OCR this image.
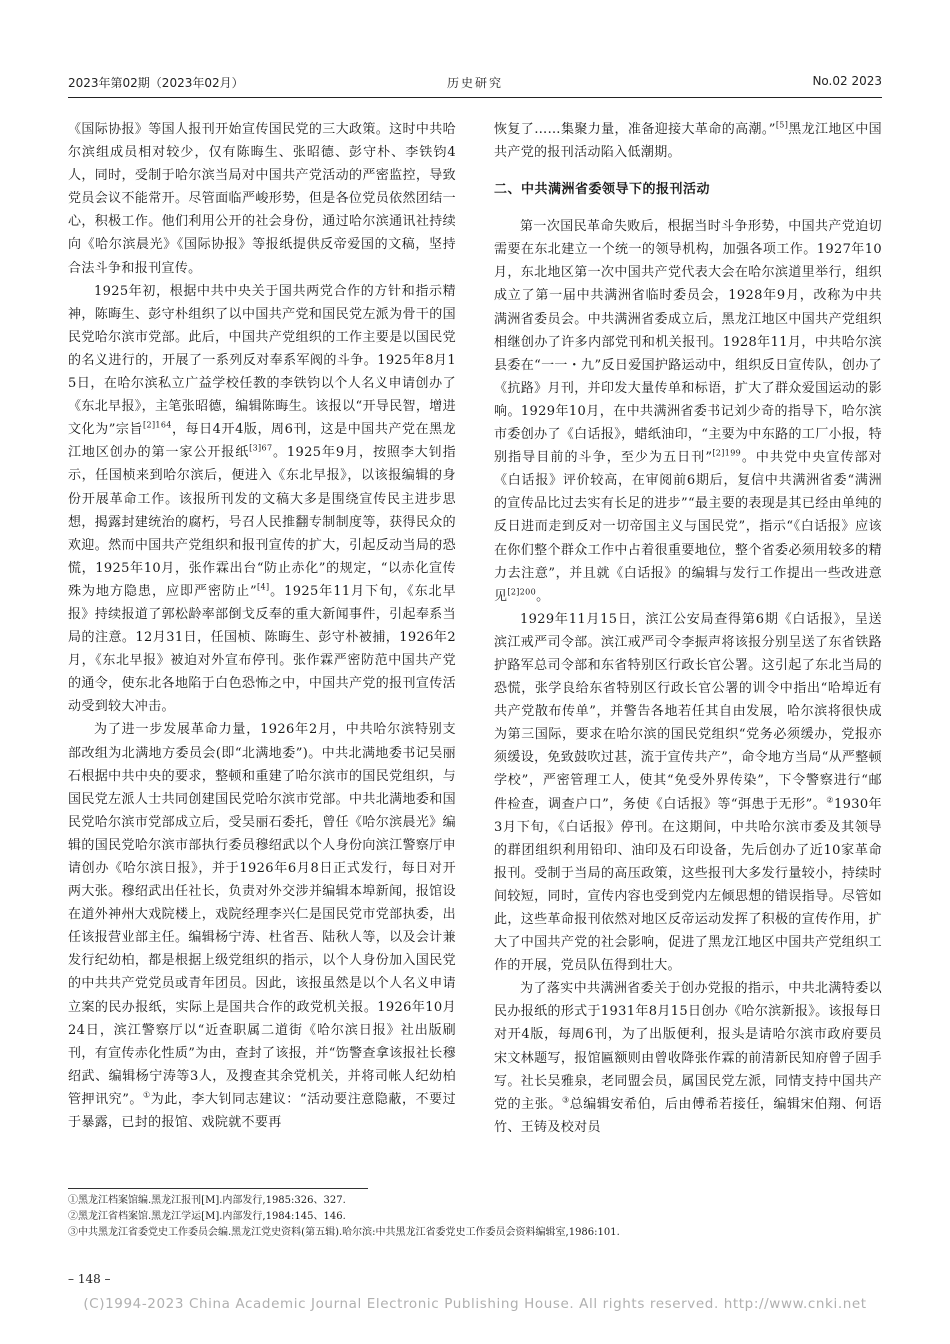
2023年第02期（2023年02月）	历史研究	No.02 2023

《国际协报》等国人报刊开始宣传国民党的三大政策。这时中共哈尔滨组成员相对较少，仅有陈晦生、张昭德、彭守朴、李铁钧4人，同时，受制于哈尔滨当局对中国共产党活动的严密监控，导致党员会议不能常开。尽管面临严峻形势，但是各位党员依然团结一心，积极工作。他们利用公开的社会身份，通过哈尔滨通讯社持续向《哈尔滨晨光》《国际协报》等报纸提供反帝爱国的文稿，坚持合法斗争和报刊宣传。

1925年初，根据中共中央关于国共两党合作的方针和指示精神，陈晦生、彭守朴组织了以中国共产党和国民党左派为骨干的国民党哈尔滨市党部。此后，中国共产党组织的工作主要是以国民党的名义进行的，开展了一系列反对奉系军阀的斗争。1925年8月15日，在哈尔滨私立广益学校任教的李铁钧以个人名义申请创办了《东北早报》，主笔张昭德，编辑陈晦生。该报以“开导民智，增进文化为”宗旨$^{[2]164}$，每日4开4版，周6刊，这是中国共产党在黑龙江地区创办的第一家公开报纸$^{[3]67}$。1925年9月，按照李大钊指示，任国桢来到哈尔滨后，便进入《东北早报》，以该报编辑的身份开展革命工作。该报所刊发的文稿大多是围绕宣传民主进步思想，揭露封建统治的腐朽，号召人民推翻专制制度等，获得民众的欢迎。然而中国共产党组织和报刊宣传的扩大，引起反动当局的恐慌，1925年10月，张作霖出台“防止赤化”的规定，“以赤化宣传殊为地方隐患，应即严密防止”[4]。1925年11月下旬，《东北早报》持续报道了郭松龄率部倒戈反奉的重大新闻事件，引起奉系当局的注意。12月31日，任国桢、陈晦生、彭守朴被捕，1926年2月，《东北早报》被迫对外宣布停刊。张作霖严密防范中国共产党的通令，使东北各地陷于白色恐怖之中，中国共产党的报刊宣传活动受到较大冲击。

为了进一步发展革命力量，1926年2月，中共哈尔滨特别支部改组为北满地方委员会(即“北满地委”)。中共北满地委书记吴丽石根据中共中央的要求，整顿和重建了哈尔滨市的国民党组织，与国民党左派人士共同创建国民党哈尔滨市党部。中共北满地委和国民党哈尔滨市党部成立后，受吴丽石委托，曾任《哈尔滨晨光》编辑的国民党哈尔滨市部执行委员穆绍武以个人身份向滨江警察厅申请创办《哈尔滨日报》，并于1926年6月8日正式发行，每日对开两大张。穆绍武出任社长，负责对外交涉并编辑本埠新闻，报馆设在道外神州大戏院楼上，戏院经理李兴仁是国民党市党部执委，出任该报营业部主任。编辑杨宁涛、杜省吾、陆秋人等，以及会计兼发行纪幼柏，都是根据上级党组织的指示，以个人身份加入国民党的中共共产党党员或青年团员。因此，该报虽然是以个人名义申请立案的民办报纸，实际上是国共合作的政党机关报。1926年10月24日，滨江警察厅以“近查职属二道街《哈尔滨日报》社出版刷刊，有宣传赤化性质”为由，查封了该报，并“饬警查拿该报社长穆绍武、编辑杨宁涛等3人，及搜查其余党机关，并将司帐人纪幼柏管押讯究”。①为此，李大钊同志建议：“活动要注意隐蔽，不要过于暴露，已封的报馆、戏院就不要再

恢复了……集聚力量，准备迎接大革命的高潮。”[5]黑龙江地区中国共产党的报刊活动陷入低潮期。

二、中共满洲省委领导下的报刊活动

第一次国民革命失败后，根据当时斗争形势，中国共产党迫切需要在东北建立一个统一的领导机构，加强各项工作。1927年10月，东北地区第一次中国共产党代表大会在哈尔滨道里举行，组织成立了第一届中共满洲省临时委员会，1928年9月，改称为中共满洲省委员会。中共满洲省委成立后，黑龙江地区中国共产党组织相继创办了许多内部党刊和机关报刊。1928年11月，中共哈尔滨县委在“一一・九”反日爱国护路运动中，组织反日宣传队，创办了《抗路》月刊，并印发大量传单和标语，扩大了群众爱国运动的影响。1929年10月，在中共满洲省委书记刘少奇的指导下，哈尔滨市委创办了《白话报》，蜡纸油印，“主要为中东路的工厂小报，特别指导目前的斗争，至少为五日刊”$^{[2]199}$。中共党中央宣传部对《白话报》评价较高，在审阅前6期后，复信中共满洲省委“满洲的宣传品比过去实有长足的进步”“最主要的表现是其已经由单纯的反日进而走到反对一切帝国主义与国民党”，指示“《白话报》应该在你们整个群众工作中占着很重要地位，整个省委必须用较多的精力去注意”，并且就《白话报》的编辑与发行工作提出一些改进意见$^{[2]200}$。

1929年11月15日，滨江公安局查得第6期《白话报》，呈送滨江戒严司令部。滨江戒严司令李振声将该报分别呈送了东省铁路护路军总司令部和东省特别区行政长官公署。这引起了东北当局的恐慌，张学良给东省特别区行政长官公署的训令中指出“哈埠近有共产党散布传单”，并警告各地若任其自由发展，哈尔滨将很快成为第三国际，要求在哈尔滨的国民党组织“党务必须缓办，党报亦须缓设，免致鼓吹过甚，流于宣传共产”，命令地方当局“从严整顿学校”，严密管理工人，使其“免受外界传染”，下令警察进行“邮件检查，调查户口”，务使《白话报》等“弭患于无形”。②1930年3月下旬，《白话报》停刊。在这期间，中共哈尔滨市委及其领导的群团组织利用铅印、油印及石印设备，先后创办了近10家革命报刊。受制于当局的高压政策，这些报刊大多发行量较小，持续时间较短，同时，宣传内容也受到党内左倾思想的错误指导。尽管如此，这些革命报刊依然对地区反帝运动发挥了积极的宣传作用，扩大了中国共产党的社会影响，促进了黑龙江地区中国共产党组织工作的开展，党员队伍得到壮大。

为了落实中共满洲省委关于创办党报的指示，中共北满特委以民办报纸的形式于1931年8月15日创办《哈尔滨新报》。该报每日对开4版，每周6刊，为了出版便利，报头是请哈尔滨市政府要员宋文林题写，报馆匾额则由曾收降张作霖的前清新民知府曾子固手写。社长吴雅泉，老同盟会员，属国民党左派，同情支持中国共产党的主张。③总编辑安希伯，后由傅希若接任，编辑宋伯翔、何语竹、王铸及校对员

①黑龙江档案馆编.黑龙江报刊[M].内部发行,1985:326、327.
②黑龙江省档案馆.黑龙江学运[M].内部发行,1984:145、146.
③中共黑龙江省委党史工作委员会编.黑龙江党史资料(第五辑).哈尔滨:中共黑龙江省委党史工作委员会资料编辑室,1986:101.
– 148 –
(C)1994-2023 China Academic Journal Electronic Publishing House. All rights reserved. http://www.cnki.net
